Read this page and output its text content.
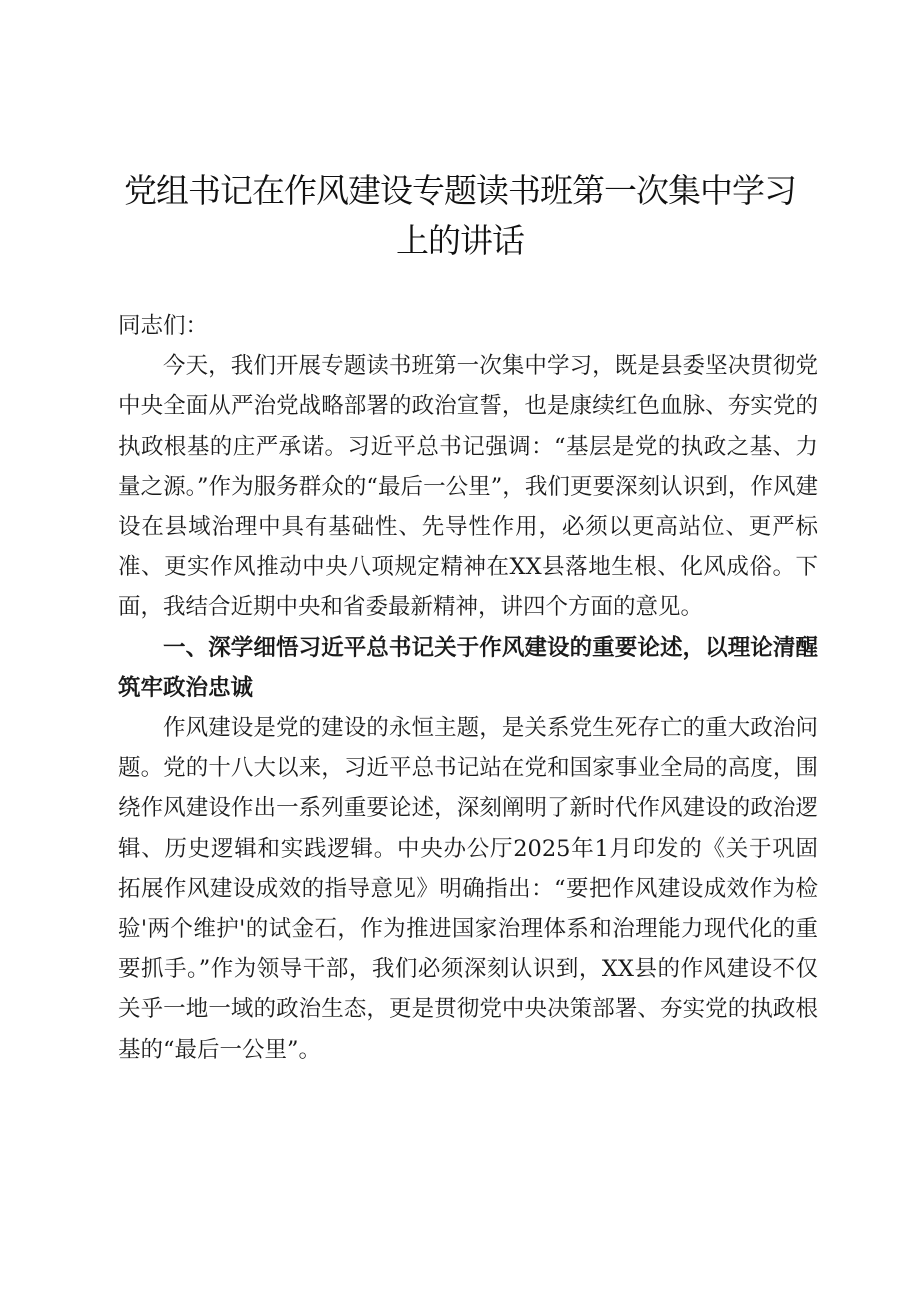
党组书记在作风建设专题读书班第一次集中学习上的讲话

同志们：

今天，我们开展专题读书班第一次集中学习，既是县委坚决贯彻党中央全面从严治党战略部署的政治宣誓，也是康续红色血脉、夯实党的执政根基的庄严承诺。习近平总书记强调：“基层是党的执政之基、力量之源。”作为服务群众的“最后一公里”，我们更要深刻认识到，作风建设在县域治理中具有基础性、先导性作用，必须以更高站位、更严标准、更实作风推动中央八项规定精神在XX县落地生根、化风成俗。下面，我结合近期中央和省委最新精神，讲四个方面的意见。

一、深学细悟习近平总书记关于作风建设的重要论述，以理论清醒筑牢政治忠诚

作风建设是党的建设的永恒主题，是关系党生死存亡的重大政治问题。党的十八大以来，习近平总书记站在党和国家事业全局的高度，围绕作风建设作出一系列重要论述，深刻阐明了新时代作风建设的政治逻辑、历史逻辑和实践逻辑。中央办公厅2025年1月印发的《关于巩固拓展作风建设成效的指导意见》明确指出：“要把作风建设成效作为检验'两个维护'的试金石，作为推进国家治理体系和治理能力现代化的重要抓手。”作为领导干部，我们必须深刻认识到，XX县的作风建设不仅关乎一地一域的政治生态，更是贯彻党中央决策部署、夯实党的执政根基的“最后一公里”。
